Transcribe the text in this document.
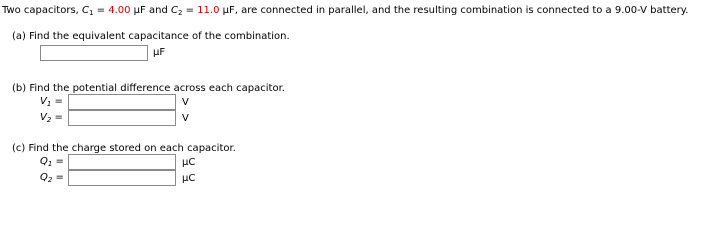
Two capacitors, $C_1 = 4.00$ µF and $C_2 = 11.0$ µF, are connected in parallel, and the resulting combination is connected to a 9.00-V battery.
(a) Find the equivalent capacitance of the combination.
µF
(b) Find the potential difference across each capacitor.
$V_1$ =	V
$V_2$ =	V
(c) Find the charge stored on each capacitor.
$Q_1$ =	µC
$Q_2$ =	µC
